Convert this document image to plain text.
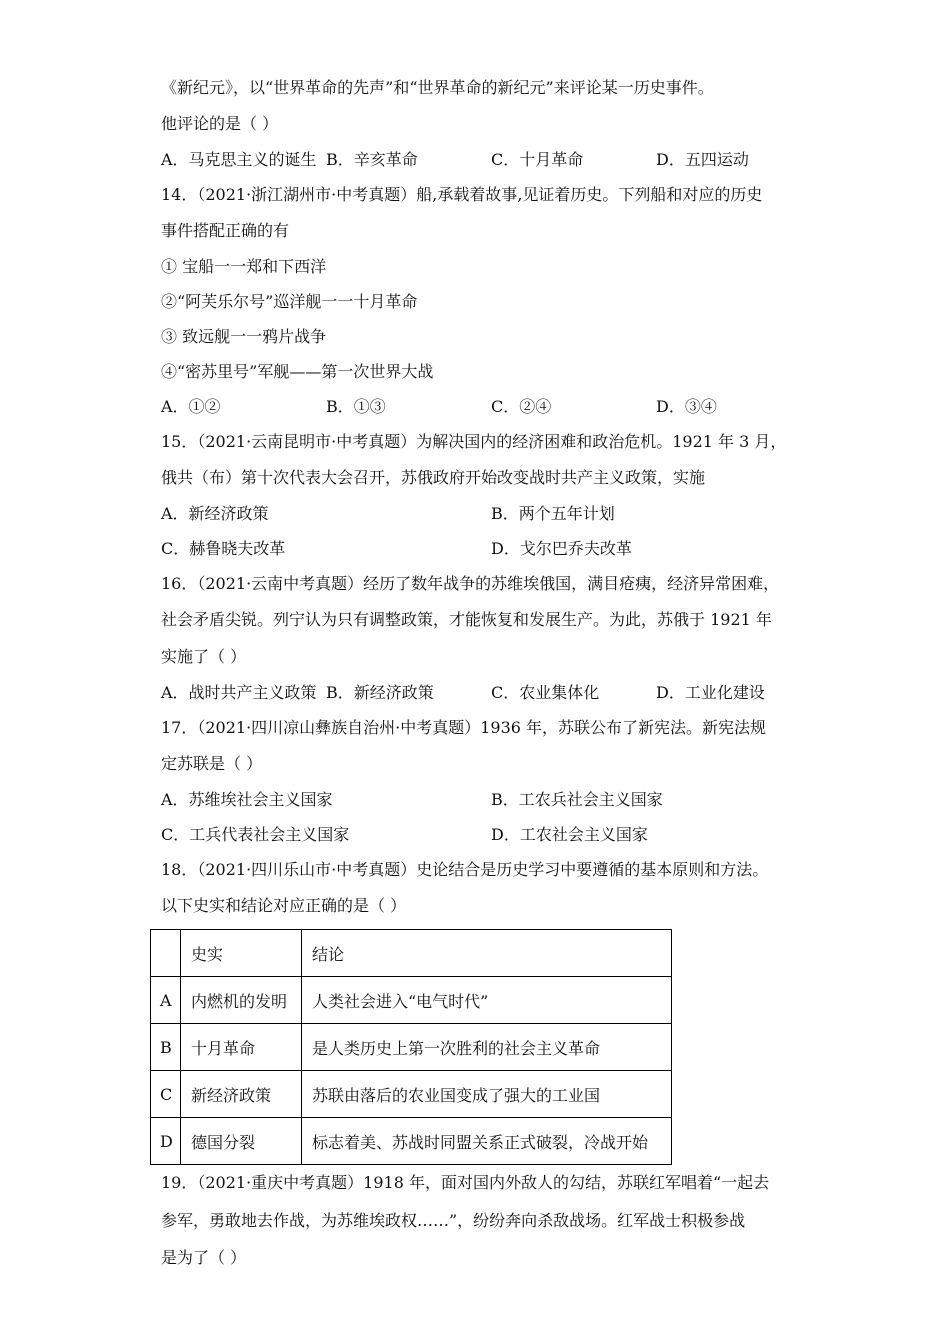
《新纪元》，以“世界革命的先声”和“世界革命的新纪元”来评论某一历史事件。
他评论的是（ ）
A．马克思主义的诞生 B．辛亥革命	C．十月革命	D．五四运动
14．（2021·浙江湖州市·中考真题）船,承载着故事,见证着历史。下列船和对应的历史
事件搭配正确的有
① 宝船一一郑和下西洋
②“阿芙乐尔号”巡洋舰一一十月革命
③ 致远舰一一鸦片战争
④“密苏里号”军舰——第一次世界大战
A．①②	B．①③	C．②④	D．③④
15．（2021·云南昆明市·中考真题）为解决国内的经济困难和政治危机。1921 年 3 月，
俄共（布）第十次代表大会召开，苏俄政府开始改变战时共产主义政策，实施
A．新经济政策	B．两个五年计划
C．赫鲁晓夫改革	D．戈尔巴乔夫改革
16．（2021·云南中考真题）经历了数年战争的苏维埃俄国，满目疮痍，经济异常困难，
社会矛盾尖锐。列宁认为只有调整政策，才能恢复和发展生产。为此，苏俄于 1921 年
实施了（ ）
A．战时共产主义政策 B．新经济政策	C．农业集体化	D．工业化建设
17．（2021·四川凉山彝族自治州·中考真题）1936 年，苏联公布了新宪法。新宪法规
定苏联是（ ）
A．苏维埃社会主义国家	B．工农兵社会主义国家
C．工兵代表社会主义国家	D．工农社会主义国家
18．（2021·四川乐山市·中考真题）史论结合是历史学习中要遵循的基本原则和方法。
以下史实和结论对应正确的是（ ）
	史实	结论
A	内燃机的发明	人类社会进入“电气时代”
B	十月革命	是人类历史上第一次胜利的社会主义革命
C	新经济政策	苏联由落后的农业国变成了强大的工业国
D	德国分裂	标志着美、苏战时同盟关系正式破裂，冷战开始
19．（2021·重庆中考真题）1918 年，面对国内外敌人的勾结，苏联红军唱着“一起去
参军，勇敢地去作战，为苏维埃政权……”，纷纷奔向杀敌战场。红军战士积极参战
是为了（ ）
